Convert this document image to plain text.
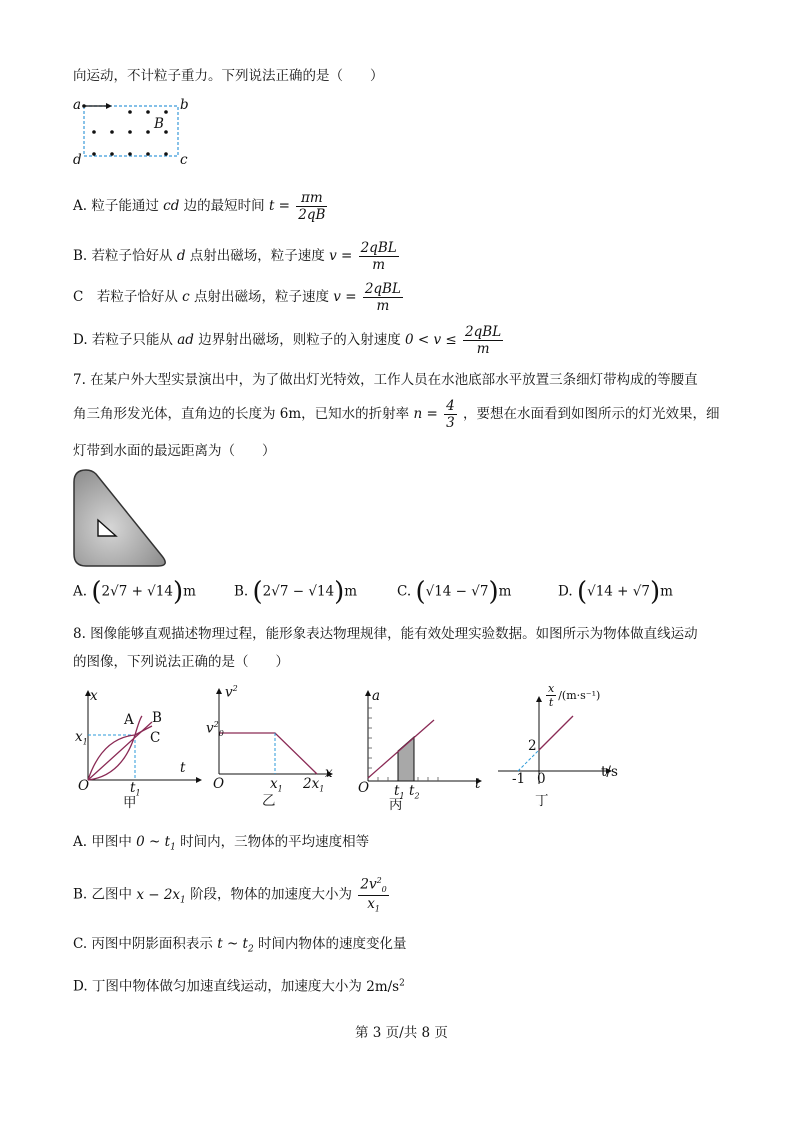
向运动，不计粒子重力。下列说法正确的是（　　）
a	b
B
d	c
A. 粒子能通过 cd 边的最短时间 $t = \frac{\pi m}{2qB}$
B. 若粒子恰好从 d 点射出磁场，粒子速度 $v = \frac{\text{2qBL}}{m}$
C　若粒子恰好从 c 点射出磁场，粒子速度 $v = \frac{\text{2qBL}}{m}$
D. 若粒子只能从 ad 边界射出磁场，则粒子的入射速度 $0 < v \le \frac{\text{2qBL}}{m}$
7. 在某户外大型实景演出中，为了做出灯光特效，工作人员在水池底部水平放置三条细灯带构成的等腰直
角三角形发光体，直角边的长度为 6m，已知水的折射率 $n = \frac{4}{3}$ ，要想在水面看到如图所示的灯光效果，细
灯带到水面的最远距离为（　　）
A. (2√7 + √14)m	B. (2√7 − √14)m	C. (√14 − √7)m	D. (√14 + √7)m
8. 图像能够直观描述物理过程，能形象表达物理规律，能有效处理实验数据。如图所示为物体做直线运动
的图像，下列说法正确的是（　　）
x
$x_1$
A B
C
t
O	$t_1$
甲
$v^2$
$v^2_0$
x
O	$x_1$ $2x_1$
乙
a
t
O $t_1$ $t_2$
丙
$\frac{x}{t} /(m\cdot s^{-1})$
2
-1 0	t/s
丁
A. 甲图中 0 ~ $t_1$ 时间内，三物体的平均速度相等
B. 乙图中 $x - 2x_1$ 阶段，物体的加速度大小为 $\frac{2v^2_0}{x_1}$
C. 丙图中阴影面积表示 t ~ $t_2$ 时间内物体的速度变化量
D. 丁图中物体做匀加速直线运动，加速度大小为 $2m/s^2$
第 3 页/共 8 页
